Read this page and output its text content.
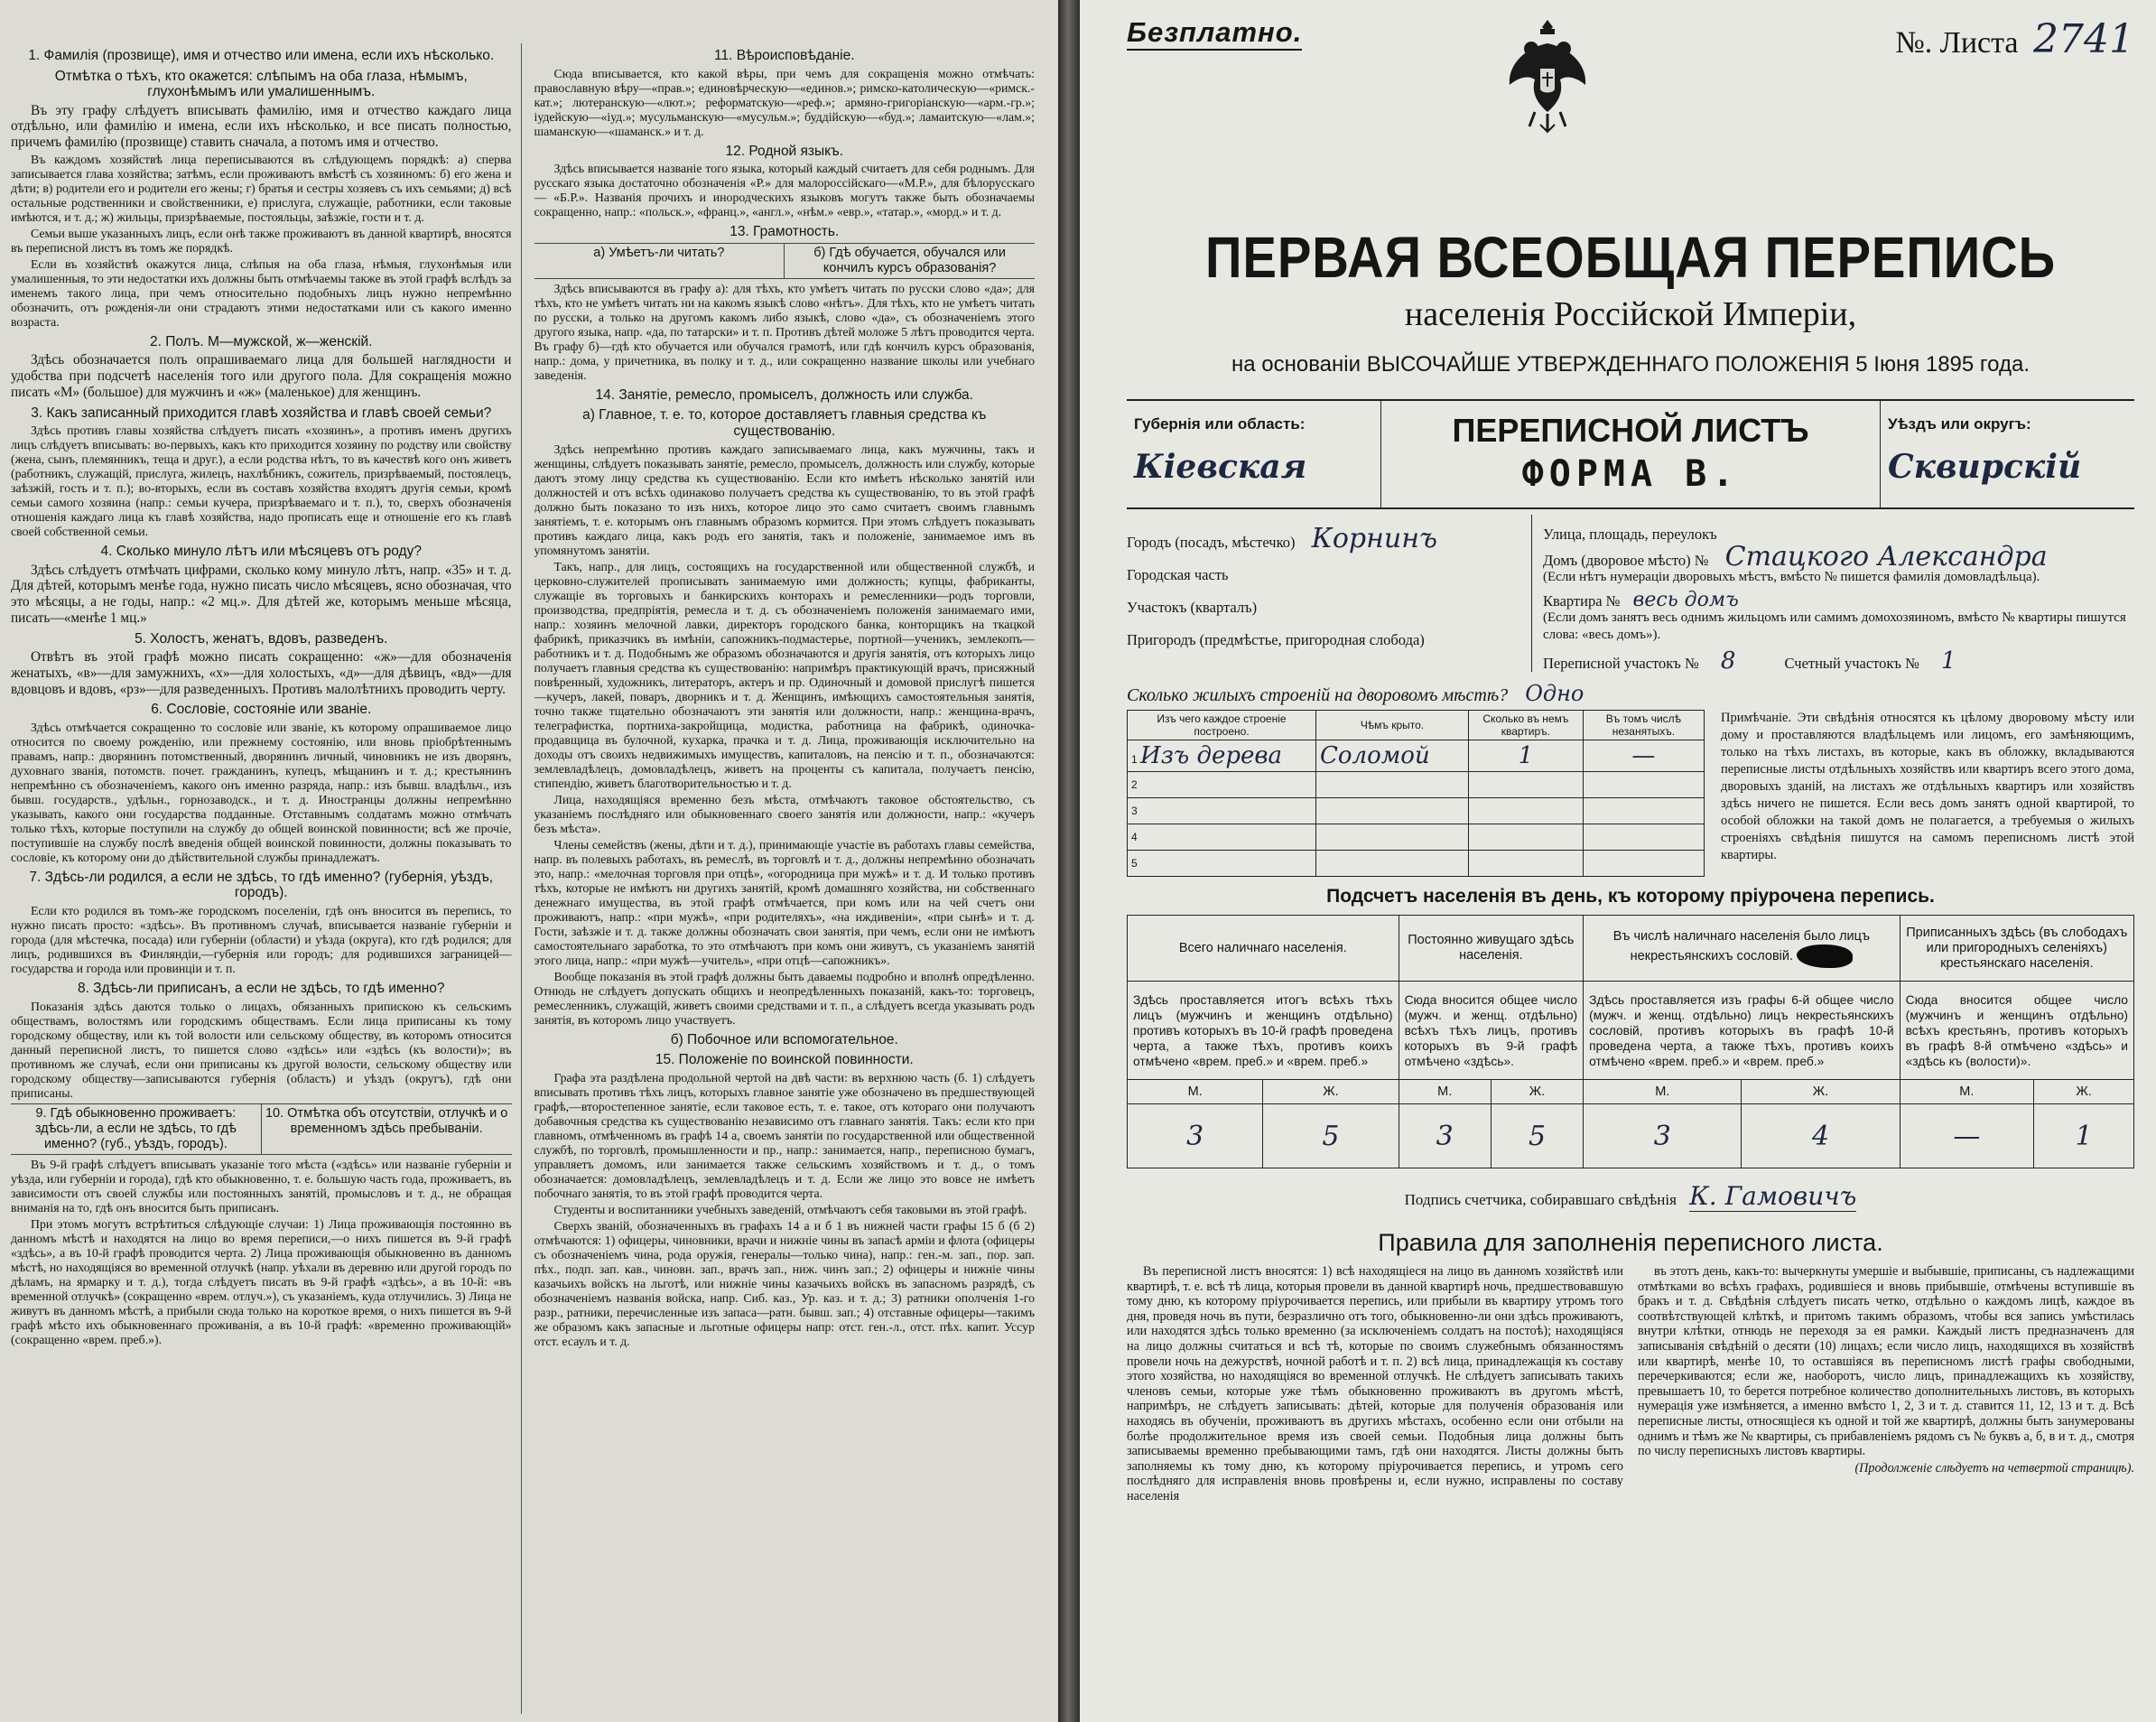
1. Фамилія (прозвище), имя и отчество или имена, если ихъ нѣсколько.

Отмѣтка о тѣхъ, кто окажется: слѣпымъ на оба глаза, нѣмымъ, глухонѣмымъ или умалишеннымъ.

Въ эту графу слѣдуетъ вписывать фамилію, имя и отчество каждаго лица отдѣльно, или фамилію и имена, если ихъ нѣсколько, и все писать полностью, причемъ фамилію (прозвище) ставить сначала, а потомъ имя и отчество.

Въ каждомъ хозяйствѣ лица переписываются въ слѣдующемъ порядкѣ: а) сперва записывается глава хозяйства; затѣмъ, если проживаютъ вмѣстѣ съ хозяиномъ: б) его жена и дѣти; в) родители его и родители его жены; г) братья и сестры хозяевъ съ ихъ семьями; д) всѣ остальные родственники и свойственники, е) прислуга, служащіе, работники, если таковые имѣются, и т. д.; ж) жильцы, призрѣваемые, постояльцы, заѣзжіе, гости и т. д.

Семьи выше указанныхъ лицъ, если онѣ также проживаютъ въ данной квартирѣ, вносятся въ переписной листъ въ томъ же порядкѣ.

Если въ хозяйствѣ окажутся лица, слѣпыя на оба глаза, нѣмыя, глухонѣмыя или умалишенныя, то эти недостатки ихъ должны быть отмѣчаемы также въ этой графѣ вслѣдъ за именемъ такого лица, при чемъ относительно подобныхъ лицъ нужно непремѣнно обозначить, отъ рожденія-ли они страдаютъ этими недостатками или съ какого именно возраста.

2. Полъ. М—мужской, ж—женскій.

Здѣсь обозначается полъ опрашиваемаго лица для большей наглядности и удобства при подсчетѣ населенія того или другого пола. Для сокращенія можно писать «М» (большое) для мужчинъ и «ж» (маленькое) для женщинъ.

3. Какъ записанный приходится главѣ хозяйства и главѣ своей семьи?

Здѣсь противъ главы хозяйства слѣдуетъ писать «хозяинъ», а противъ именъ другихъ лицъ слѣдуетъ вписывать: во-первыхъ, какъ кто приходится хозяину по родству или свойству (жена, сынъ, племянникъ, теща и друг.), а если родства нѣтъ, то въ качествѣ кого онъ живетъ (работникъ, служащій, прислуга, жилецъ, нахлѣбникъ, сожитель, призрѣваемый, постоялецъ, заѣзжій, гость и т. п.); во-вторыхъ, если въ составъ хозяйства входятъ другія семьи, кромѣ семьи самого хозяина (напр.: семьи кучера, призрѣваемаго и т. п.), то, сверхъ обозначенія отношенія каждаго лица къ главѣ хозяйства, надо прописать еще и отношеніе его къ главѣ своей собственной семьи.

4. Сколько минуло лѣтъ или мѣсяцевъ отъ роду?

Здѣсь слѣдуетъ отмѣчать цифрами, сколько кому минуло лѣтъ, напр. «35» и т. д. Для дѣтей, которымъ менѣе года, нужно писать число мѣсяцевъ, ясно обозначая, что это мѣсяцы, а не годы, напр.: «2 мц.». Для дѣтей же, которымъ меньше мѣсяца, писать—«менѣе 1 мц.»

5. Холостъ, женатъ, вдовъ, разведенъ.

Отвѣтъ въ этой графѣ можно писать сокращенно: «ж»—для обозначенія женатыхъ, «в»—для замужнихъ, «х»—для холостыхъ, «д»—для дѣвицъ, «вд»—для вдовцовъ и вдовъ, «рз»—для разведенныхъ. Противъ малолѣтнихъ проводить черту.

6. Сословіе, состояніе или званіе.

Здѣсь отмѣчается сокращенно то сословіе или званіе, къ которому опрашиваемое лицо относится по своему рожденію, или прежнему состоянію, или вновь пріобрѣтеннымъ правамъ, напр.: дворянинъ потомственный, дворянинъ личный, чиновникъ не изъ дворянъ, духовнаго званія, потомств. почет. гражданинъ, купецъ, мѣщанинъ и т. д.; крестьянинъ непремѣнно съ обозначеніемъ, какого онъ именно разряда, напр.: изъ бывш. владѣльч., изъ бывш. государств., удѣльн., горнозаводск., и т. д. Иностранцы должны непремѣнно указывать, какого они государства подданные. Отставнымъ солдатамъ можно отмѣчать только тѣхъ, которые поступили на службу до общей воинской повинности; всѣ же прочіе, поступившіе на службу послѣ введенія общей воинской повинности, должны показывать то сословіе, къ которому они до дѣйствительной службы принадлежатъ.

7. Здѣсь-ли родился, а если не здѣсь, то гдѣ именно? (губернія, уѣздъ, городъ).

Если кто родился въ томъ-же городскомъ поселеніи, гдѣ онъ вносится въ перепись, то нужно писать просто: «здѣсь». Въ противномъ случаѣ, вписывается названіе губерніи и города (для мѣстечка, посада) или губерніи (области) и уѣзда (округа), кто гдѣ родился; для лицъ, родившихся въ Финляндіи,—губернія или городъ; для родившихся заграницей—государства и города или провинціи и т. п.

8. Здѣсь-ли приписанъ, а если не здѣсь, то гдѣ именно?

Показанія здѣсь даются только о лицахъ, обязанныхъ припискою къ сельскимъ обществамъ, волостямъ или городскимъ обществамъ. Если лица приписаны къ тому городскому обществу, или къ той волости или сельскому обществу, въ которомъ относится данный переписной листъ, то пишется слово «здѣсь» или «здѣсь (къ волости)»; въ противномъ же случаѣ, если они приписаны къ другой волости, сельскому обществу или городскому обществу—записываются губернія (область) и уѣздъ (округъ), гдѣ они приписаны.

9. Гдѣ обыкновенно проживаетъ: здѣсь-ли, а если не здѣсь, то гдѣ именно? (губ., уѣздъ, городъ).
10. Отмѣтка объ отсутствіи, отлучкѣ и о временномъ здѣсь пребываніи.

Въ 9-й графѣ слѣдуетъ вписывать указаніе того мѣста («здѣсь» или названіе губерніи и уѣзда, или губерніи и города), гдѣ кто обыкновенно, т. е. большую часть года, проживаетъ, въ зависимости отъ своей службы или постоянныхъ занятій, промысловъ и т. д., не обращая вниманія на то, гдѣ онъ вносится быть приписанъ.

При этомъ могутъ встрѣтиться слѣдующіе случаи: 1) Лица проживающія постоянно въ данномъ мѣстѣ и находятся на лицо во время переписи,—о нихъ пишется въ 9-й графѣ «здѣсь», а въ 10-й графѣ проводится черта. 2) Лица проживающія обыкновенно въ данномъ мѣстѣ, но находящіяся во временной отлучкѣ (напр. уѣхали въ деревню или другой городъ по дѣламъ, на ярмарку и т. д.), тогда слѣдуетъ писать въ 9-й графѣ «здѣсь», а въ 10-й: «въ временной отлучкѣ» (сокращенно «врем. отлуч.»), съ указаніемъ, куда отлучились. 3) Лица не живутъ въ данномъ мѣстѣ, а прибыли сюда только на короткое время, о нихъ пишется въ 9-й графѣ мѣсто ихъ обыкновеннаго проживанія, а въ 10-й графѣ: «временно проживающій» (сокращенно «врем. преб.»).

11. Вѣроисповѣданіе.

Сюда вписывается, кто какой вѣры, при чемъ для сокращенія можно отмѣчать: православную вѣру—«прав.»; единовѣрческую—«единов.»; римско-католическую—«римск.-кат.»; лютеранскую—«лют.»; реформатскую—«реф.»; армяно-григоріанскую—«арм.-гр.»; іудейскую—«іуд.»; мусульманскую—«мусульм.»; буддійскую—«буд.»; ламаитскую—«лам.»; шаманскую—«шаманск.» и т. д.

12. Родной языкъ.

Здѣсь вписывается названіе того языка, который каждый считаетъ для себя роднымъ. Для русскаго языка достаточно обозначенія «Р.» для малороссійскаго—«М.Р.», для бѣлорусскаго — «Б.Р.». Названія прочихъ и инородческихъ языковъ могутъ также быть обозначаемы сокращенно, напр.: «польск.», «франц.», «англ.», «нѣм.» «евр.», «татар.», «морд.» и т. д.

13. Грамотность.

а) Умѣетъ-ли читать?	б) Гдѣ обучается, обучался или кончилъ курсъ образованія?

Здѣсь вписываются въ графу а): для тѣхъ, кто умѣетъ читать по русски слово «да»; для тѣхъ, кто не умѣетъ читать ни на какомъ языкѣ слово «нѣтъ». Для тѣхъ, кто не умѣетъ читать по русски, а только на другомъ какомъ либо языкѣ, слово «да», съ обозначеніемъ этого другого языка, напр. «да, по татарски» и т. п. Противъ дѣтей моложе 5 лѣтъ проводится черта. Въ графу б)—гдѣ кто обучается или обучался грамотѣ, или гдѣ кончилъ курсъ образованія, напр.: дома, у причетника, въ полку и т. д., или сокращенно название школы или учебнаго заведенія.

14. Занятіе, ремесло, промыселъ, должность или служба.

а) Главное, т. е. то, которое доставляетъ главныя средства къ существованію.

Здѣсь непремѣнно противъ каждаго записываемаго лица, какъ мужчины, такъ и женщины, слѣдуетъ показывать занятіе, ремесло, промыселъ, должность или службу, которые даютъ этому лицу средства къ существованію. Если кто имѣетъ нѣсколько занятій или должностей и отъ всѣхъ одинаково получаетъ средства къ существованію, то въ этой графѣ должно быть показано то изъ нихъ, которое лицо это само считаетъ своимъ главнымъ занятіемъ, т. е. которымъ онъ главнымъ образомъ кормится. При этомъ слѣдуетъ показывать противъ каждаго лица, какъ родъ его занятія, такъ и положеніе, занимаемое имъ въ упомянутомъ занятіи.

Такъ, напр., для лицъ, состоящихъ на государственной или общественной службѣ, и церковно-служителей прописывать занимаемую ими должность; купцы, фабриканты, служащіе въ торговыхъ и банкирскихъ конторахъ и ремесленники—родъ торговли, производства, предпріятія, ремесла и т. д. съ обозначеніемъ положенія занимаемаго ими, напр.: хозяинъ мелочной лавки, директоръ городского банка, конторщикъ на ткацкой фабрикѣ, приказчикъ въ имѣніи, сапожникъ-подмастерье, портной—ученикъ, землекопъ—работникъ и т. д. Подобнымъ же образомъ обозначаются и другія занятія, отъ которыхъ лицо получаетъ главныя средства къ существованію: напримѣръ практикующій врачъ, присяжный повѣренный, художникъ, литераторъ, актеръ и пр. Одиночный и домовой прислугѣ пишется—кучеръ, лакей, поваръ, дворникъ и т. д. Женщинъ, имѣющихъ самостоятельныя занятія, точно также тщательно обозначаютъ эти занятія или должности, напр.: женщина-врачъ, телеграфистка, портниха-закройщица, модистка, работница на фабрикѣ, одиночка-продавщица въ булочной, кухарка, прачка и т. д. Лица, проживающія исключительно на доходы отъ своихъ недвижимыхъ имуществъ, капиталовъ, на пенсію и т. п., обозначаются: землевладѣлецъ, домовладѣлецъ, живетъ на проценты съ капитала, получаетъ пенсію, стипендію, живетъ благотворительностью и т. д.

Лица, находящіяся временно безъ мѣста, отмѣчаютъ таковое обстоятельство, съ указаніемъ послѣдняго или обыкновеннаго своего занятія или должности, напр.: «кучеръ безъ мѣста».

Члены семействъ (жены, дѣти и т. д.), принимающіе участіе въ работахъ главы семейства, напр. въ полевыхъ работахъ, въ ремеслѣ, въ торговлѣ и т. д., должны непремѣнно обозначать это, напр.: «мелочная торговля при отцѣ», «огородница при мужѣ» и т. д. И только противъ тѣхъ, которые не имѣютъ ни другихъ занятій, кромѣ домашняго хозяйства, ни собственнаго денежнаго имущества, въ этой графѣ отмѣчается, при комъ или на чей счетъ они проживаютъ, напр.: «при мужѣ», «при родителяхъ», «на иждивеніи», «при сынѣ» и т. д. Гости, заѣзжіе и т. д. также должны обозначать свои занятія, при чемъ, если они не имѣютъ самостоятельнаго заработка, то это отмѣчаютъ при комъ они живутъ, съ указаніемъ занятій этого лица, напр.: «при мужѣ—учитель», «при отцѣ—сапожникъ».

Вообще показанія въ этой графѣ должны быть даваемы подробно и вполнѣ опредѣленно. Отнюдь не слѣдуетъ допускать общихъ и неопредѣленныхъ показаній, какъ-то: торговецъ, ремесленникъ, служащій, живетъ своими средствами и т. п., а слѣдуетъ всегда указывать родъ занятія, въ которомъ лицо участвуетъ.

б) Побочное или вспомогательное.

15. Положеніе по воинской повинности.

Графа эта раздѣлена продольной чертой на двѣ части: въ верхнюю часть (б. 1) слѣдуетъ вписывать противъ тѣхъ лицъ, которыхъ главное занятіе уже обозначено въ предшествующей графѣ,—второстепенное занятіе, если таковое есть, т. е. такое, отъ котораго они получаютъ добавочныя средства къ существованію независимо отъ главнаго занятія. Такъ: если кто при главномъ, отмѣченномъ въ графѣ 14 а, своемъ занятіи по государственной или общественной службѣ, по торговлѣ, промышленности и пр., напр.: занимается, напр., переписною бумагъ, управляетъ домомъ, или занимается также сельскимъ хозяйствомъ и т. д., о томъ обозначается: домовладѣлецъ, землевладѣлецъ и т. д. Если же лицо это вовсе не имѣетъ побочнаго занятія, то въ этой графѣ проводится черта.

Студенты и воспитанники учебныхъ заведеній, отмѣчаютъ себя таковыми въ этой графѣ.

Сверхъ званій, обозначенныхъ въ графахъ 14 а и б 1 въ нижней части графы 15 б (б 2) отмѣчаются: 1) офицеры, чиновники, врачи и нижніе чины въ запасѣ арміи и флота (офицеры съ обозначеніемъ чина, рода оружія, генералы—только чина), напр.: ген.-м. зап., пор. зап. пѣх., подп. зап. кав., чиновн. зап., врачъ зап., ниж. чинъ зап.; 2) офицеры и нижніе чины казачьихъ войскъ на льготѣ, или нижніе чины казачьихъ войскъ въ запасномъ разрядѣ, съ обозначеніемъ названія войска, напр. Сиб. каз., Ур. каз. и т. д.; 3) ратники ополченія 1-го разр., ратники, перечисленные изъ запаса—ратн. бывш. зап.; 4) отставные офицеры—такимъ же образомъ какъ запасные и льготные офицеры напр: отст. ген.-л., отст. пѣх. капит. Уссур отст. есаулъ и т. д.

Безплатно.	№. Листа 2741
ПЕРВАЯ ВСЕОБЩАЯ ПЕРЕПИСЬ
населенія Россійской Имперіи,
на основаніи ВЫСОЧАЙШЕ УТВЕРЖДЕННАГО ПОЛОЖЕНІЯ 5 Іюня 1895 года.
Губернія или область:
Кіевская
ПЕРЕПИСНОЙ ЛИСТЪ
ФОРМА В.
Уѣздъ или округъ:
Сквирскій
Городъ (посадъ, мѣстечко) Корнинъ
Городская часть
Участокъ (кварталъ)
Пригородъ (предмѣстье, пригородная слобода)
Улица, площадь, переулокъ
Домъ (дворовое мѣсто) № Стацкого Александра
(Если нѣтъ нумераціи дворовыхъ мѣстъ, вмѣсто № пишется фамилія домовладѣльца).
Квартира № весь домъ
(Если домъ занятъ весь однимъ жильцомъ или самимъ домохозяиномъ, вмѣсто № квартиры пишутся слова: «весь домъ»).
Переписной участокъ № 8	Счетный участокъ № 1
Сколько жилыхъ строеній на дворовомъ мѣстѣ? Одно
Изъ чего каждое строеніе построено.	Чѣмъ крыто.	Сколько въ немъ квартиръ.	Въ томъ числѣ незанятыхъ.
1 Изъ дерева	Соломой	1	—
2			
3			
4			
5			
Примѣчаніе. Эти свѣдѣнія относятся къ цѣлому дворовому мѣсту или дому и проставляются владѣльцемъ или лицомъ, его замѣняющимъ, только на тѣхъ листахъ, въ которые, какъ въ обложку, вкладываются переписные листы отдѣльныхъ хозяйствъ или квартиръ всего этого дома, дворовыхъ зданій, на листахъ же отдѣльныхъ квартиръ или хозяйствъ здѣсь ничего не пишется. Если весь домъ занятъ одной квартирой, то особой обложки на такой домъ не полагается, а требуемыя о жилыхъ строеніяхъ свѣдѣнія пишутся на самомъ переписномъ листѣ этой квартиры.
Подсчетъ населенія въ день, къ которому пріурочена перепись.
Всего наличнаго населенія.		Постоянно живущаго здѣсь населенія.		Въ числѣ наличнаго населенія было лицъ некрестьянскихъ сословій.		Приписанныхъ здѣсь (въ слободахъ или пригородныхъ селеніяхъ) крестьянскаго населенія.	
Здѣсь проставляется итогъ всѣхъ тѣхъ лицъ (мужчинъ и женщинъ отдѣльно) противъ которыхъ въ 10-й графѣ проведена черта, а также тѣхъ, противъ коихъ отмѣчено «врем. преб.» и «врем. преб.»		Сюда вносится общее число (мужч. и женщ. отдѣльно) всѣхъ тѣхъ лицъ, противъ которыхъ въ 9-й графѣ отмѣчено «здѣсь».		Здѣсь проставляется изъ графы 6-й общее число (мужч. и женщ. отдѣльно) лицъ некрестьянскихъ сословій, противъ которыхъ въ графѣ 10-й проведена черта, а также тѣхъ, противъ коихъ отмѣчено «врем. преб.» и «врем. преб.»		Сюда вносится общее число (мужчинъ и женщинъ отдѣльно) всѣхъ крестьянъ, противъ которыхъ въ графѣ 8-й отмѣчено «здѣсь» и «здѣсь къ (волости)».	
М.	Ж.	М.	Ж.	М.	Ж.	М.	Ж.
3	5	3	5	3	4	—	1
Подпись счетчика, собиравшаго свѣдѣнія К. Гамовичъ
Правила для заполненія переписного листа.

Въ переписной листъ вносятся: 1) всѣ находящіеся на лицо въ данномъ хозяйствѣ или квартирѣ, т. е. всѣ тѣ лица, которыя провели въ данной квартирѣ ночь, предшествовавшую тому дню, къ которому пріурочивается перепись, или прибыли въ квартиру утромъ того дня, проведя ночь въ пути, безразлично отъ того, обыкновенно-ли они здѣсь проживаютъ, или находятся здѣсь только временно (за исключеніемъ солдатъ на постоѣ); находящіяся на лицо должны считаться и всѣ тѣ, которые по своимъ служебнымъ обязанностямъ провели ночь на дежурствѣ, ночной работѣ и т. п. 2) всѣ лица, принадлежащія къ составу этого хозяйства, но находящіяся во временной отлучкѣ. Не слѣдуетъ записывать такихъ членовъ семьи, которые уже тѣмъ обыкновенно проживаютъ въ другомъ мѣстѣ, напримѣръ, не слѣдуетъ записывать: дѣтей, которые для полученія образованія или находясь въ обученіи, проживаютъ въ другихъ мѣстахъ, особенно если они отбыли на болѣе продолжительное время изъ своей семьи. Подобныя лица должны быть записываемы временно пребывающими тамъ, гдѣ они находятся. Листы должны быть заполняемы къ тому дню, къ которому пріурочивается перепись, и утромъ сего послѣдняго для исправленія вновь провѣрены и, если нужно, исправлены по составу населенія

въ этотъ день, какъ-то: вычеркнуты умершіе и выбывшіе, приписаны, съ надлежащими отмѣтками во всѣхъ графахъ, родившіеся и вновь прибывшіе, отмѣчены вступившіе въ бракъ и т. д. Свѣдѣнія слѣдуетъ писать четко, отдѣльно о каждомъ лицѣ, каждое въ соотвѣтствующей клѣткѣ, и притомъ такимъ образомъ, чтобы вся запись умѣстилась внутри клѣтки, отнюдь не переходя за ея рамки. Каждый листъ предназначенъ для записыванія свѣдѣній о десяти (10) лицахъ; если число лицъ, находящихся въ хозяйствѣ или квартирѣ, менѣе 10, то оставшіяся въ переписномъ листѣ графы свободными, перечеркиваются; если же, наоборотъ, число лицъ, принадлежащихъ къ хозяйству, превышаетъ 10, то берется потребное количество дополнительныхъ листовъ, въ которыхъ нумерація уже измѣняется, а именно вмѣсто 1, 2, 3 и т. д. ставится 11, 12, 13 и т. д. Всѣ переписные листы, относящіеся къ одной и той же квартирѣ, должны быть занумерованы однимъ и тѣмъ же № квартиры, съ прибавленіемъ рядомъ съ № буквъ а, б, в и т. д., смотря по числу переписныхъ листовъ квартиры.

(Продолженіе слѣдуетъ на четвертой страницѣ).
